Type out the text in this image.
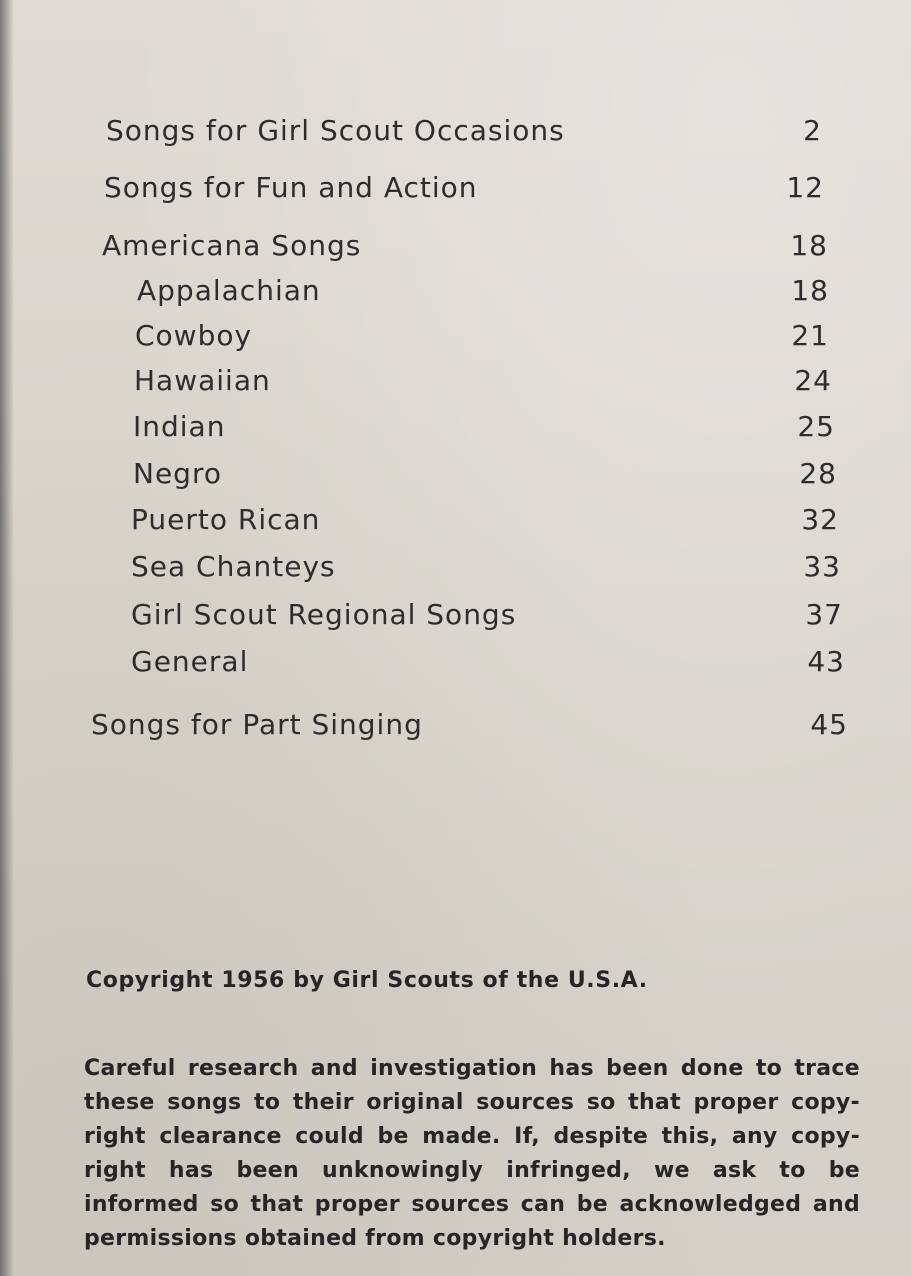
Songs for Girl Scout Occasions	2
Songs for Fun and Action	12
Americana Songs	18
Appalachian	18
Cowboy	21
Hawaiian	24
Indian	25
Negro	28
Puerto Rican	32
Sea Chanteys	33
Girl Scout Regional Songs	37
General	43
Songs for Part Singing	45
Copyright 1956 by Girl Scouts of the U.S.A.
Careful research and investigation has been done to trace
these songs to their original sources so that proper copy-
right clearance could be made. If, despite this, any copy-
right has been unknowingly infringed, we ask to be
informed so that proper sources can be acknowledged and
permissions obtained from copyright holders.
